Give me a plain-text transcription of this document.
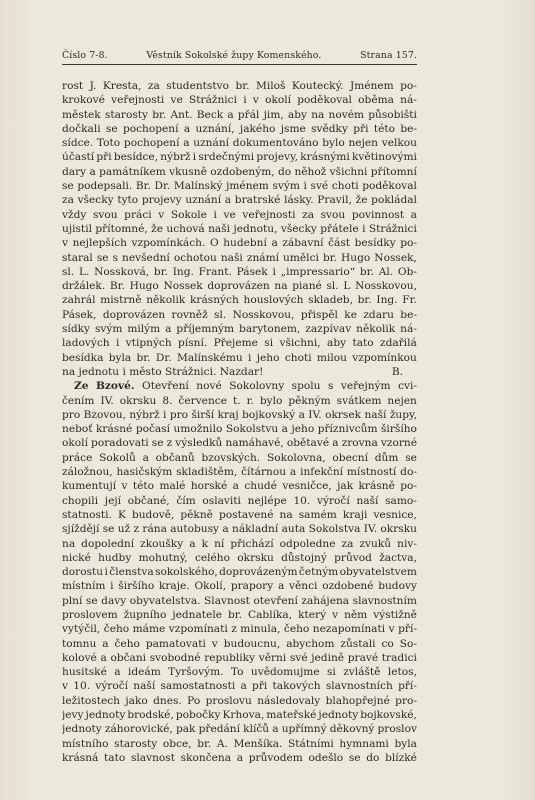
Číslo 7-8.	Věstník Sokolské župy Komenského.	Strana 157.
rost J. Kresta, za studentstvo br. Miloš Koutecký. Jménem po-
krokové veřejnosti ve Strážnici i v okolí poděkoval oběma ná-
městek starosty br. Ant. Beck a přál jim, aby na novém působišti
dočkali se pochopení a uznání, jakého jsme svědky při této be-
sídce. Toto pochopení a uznání dokumentováno bylo nejen velkou
účastí při besídce, nýbrž i srdečnými projevy, krásnými květinovými
dary a památníkem vkusně ozdobeným, do něhož všichni přítomní
se podepsali. Br. Dr. Malínský jménem svým i své choti poděkoval
za všecky tyto projevy uznání a bratrské lásky. Pravil, že pokládal
vždy svou práci v Sokole i ve veřejnosti za svou povinnost a
ujistil přítomné, že uchová naši jednotu, všecky přátele i Strážnici
v nejlepších vzpomínkách. O hudební a zábavní část besídky po-
staral se s nevšední ochotou naši známí umělci br. Hugo Nossek,
sl. L. Nossková, br. Ing. Frant. Pásek i „impressario“ br. Al. Ob-
držálek. Br. Hugo Nossek doprovázen na piané sl. L Nosskovou,
zahrál mistrně několik krásných houslových skladeb, br. Ing. Fr.
Pásek, doprovázen rovněž sl. Nosskovou, přispěl ke zdaru be-
sídky svým milým a příjemným barytonem, zazpívav několik ná-
ladových i vtipných písní. Přejeme si všichni, aby tato zdařilá
besídka byla br. Dr. Malínskému i jeho choti milou vzpomínkou
na jednotu i město Strážnici. Nazdar!	B.
Ze Bzové. Otevření nové Sokolovny spolu s veřejným cvi-
čením IV. okrsku 8. července t. r. bylo pěkným svátkem nejen
pro Bzovou, nýbrž i pro širší kraj bojkovský a IV. okrsek naší župy,
neboť krásné počasí umožnilo Sokolstvu a jeho příznivcům širšího
okolí poradovati se z výsledků namáhavé, obětavé a zrovna vzorné
práce Sokolů a občanů bzovských. Sokolovna, obecní dům se
záložnou, hasičským skladištěm, čítárnou a infekční místností do-
kumentují v této malé horské a chudé vesničce, jak krásně po-
chopili její občané, čím oslaviti nejlépe 10. výročí naší samo-
statnosti. K budově, pěkně postavené na samém kraji vesnice,
sjíždějí se už z rána autobusy a nákladní auta Sokolstva IV. okrsku
na dopolední zkoušky a k ní přichází odpoledne za zvuků niv-
nické hudby mohutný, celého okrsku důstojný průvod žactva,
dorostu i členstva sokolského, doprovázeným četným obyvatelstvem
místním i širšího kraje. Okolí, prapory a věnci ozdobené budovy
plní se davy obyvatelstva. Slavnost otevření zahájena slavnostním
proslovem župního jednatele br. Cablíka, který v něm výstižně
vytýčil, čeho máme vzpomínati z minula, čeho nezapomínati v pří-
tomnu a čeho pamatovati v budoucnu, abychom zůstali co So-
kolové a občani svobodné republiky věrni své jedině pravé tradici
husitské a ideám Tyršovým. To uvědomujme si zvláště letos,
v 10. výročí naší samostatnosti a při takových slavnostních pří-
ležitostech jako dnes. Po proslovu následovaly blahopřejné pro-
jevy jednoty brodské, pobočky Krhova, mateřské jednoty bojkovské,
jednoty záhorovické, pak předání klíčů a upřímný děkovný proslov
místního starosty obce, br. A. Menšíka. Státními hymnami byla
krásná tato slavnost skončena a průvodem odešlo se do blízké
